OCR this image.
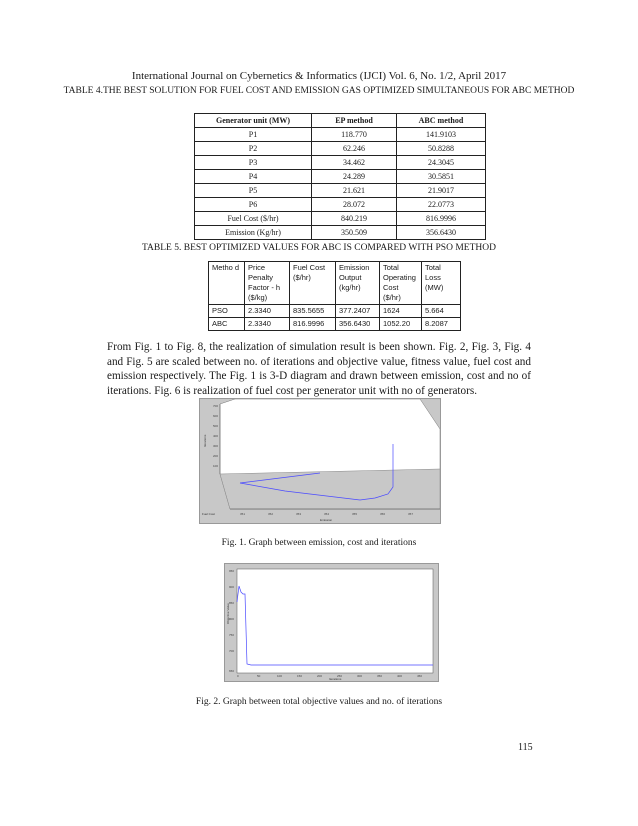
International Journal on Cybernetics & Informatics (IJCI) Vol. 6, No. 1/2, April 2017
TABLE 4.THE BEST SOLUTION FOR FUEL COST AND EMISSION GAS OPTIMIZED SIMULTANEOUS FOR ABC METHOD
Generator unit (MW)	EP method	ABC method
P1	118.770	141.9103
P2	62.246	50.8288
P3	34.462	24.3045
P4	24.289	30.5851
P5	21.621	21.9017
P6	28.072	22.0773
Fuel Cost ($/hr)	840.219	816.9996
Emission (Kg/hr)	350.509	356.6430
TABLE 5. BEST OPTIMIZED VALUES FOR ABC IS COMPARED WITH PSO METHOD
Metho d	Price Penalty Factor - h ($/kg)	Fuel Cost ($/hr)	Emission Output (kg/hr)	Total Operating Cost ($/hr)	Total Loss (MW)
PSO	2.3340	835.5655	377.2407	1624	5.664
ABC	2.3340	816.9996	356.6430	1052.20	8.2087
From Fig. 1 to Fig. 8, the realization of simulation result is been shown. Fig. 2, Fig. 3, Fig. 4 and Fig. 5 are scaled between no. of iterations and objective value, fitness value, fuel cost and emission respectively. The Fig. 1 is 3-D diagram and drawn between emission, cost and no of iterations. Fig. 6 is realization of fuel cost per generator unit with no of generators.
700
600
500
400
300
200
100
351	352	353	354	355	356	357
Iterations
Emission
Fuel Cost
Fig. 1. Graph between emission, cost and iterations
950
900
850
800
750
700
650
0	50	100	150	200	250	300	350	400	450
Objective Value
Iterations
Fig. 2. Graph between total objective values and no. of iterations
115
